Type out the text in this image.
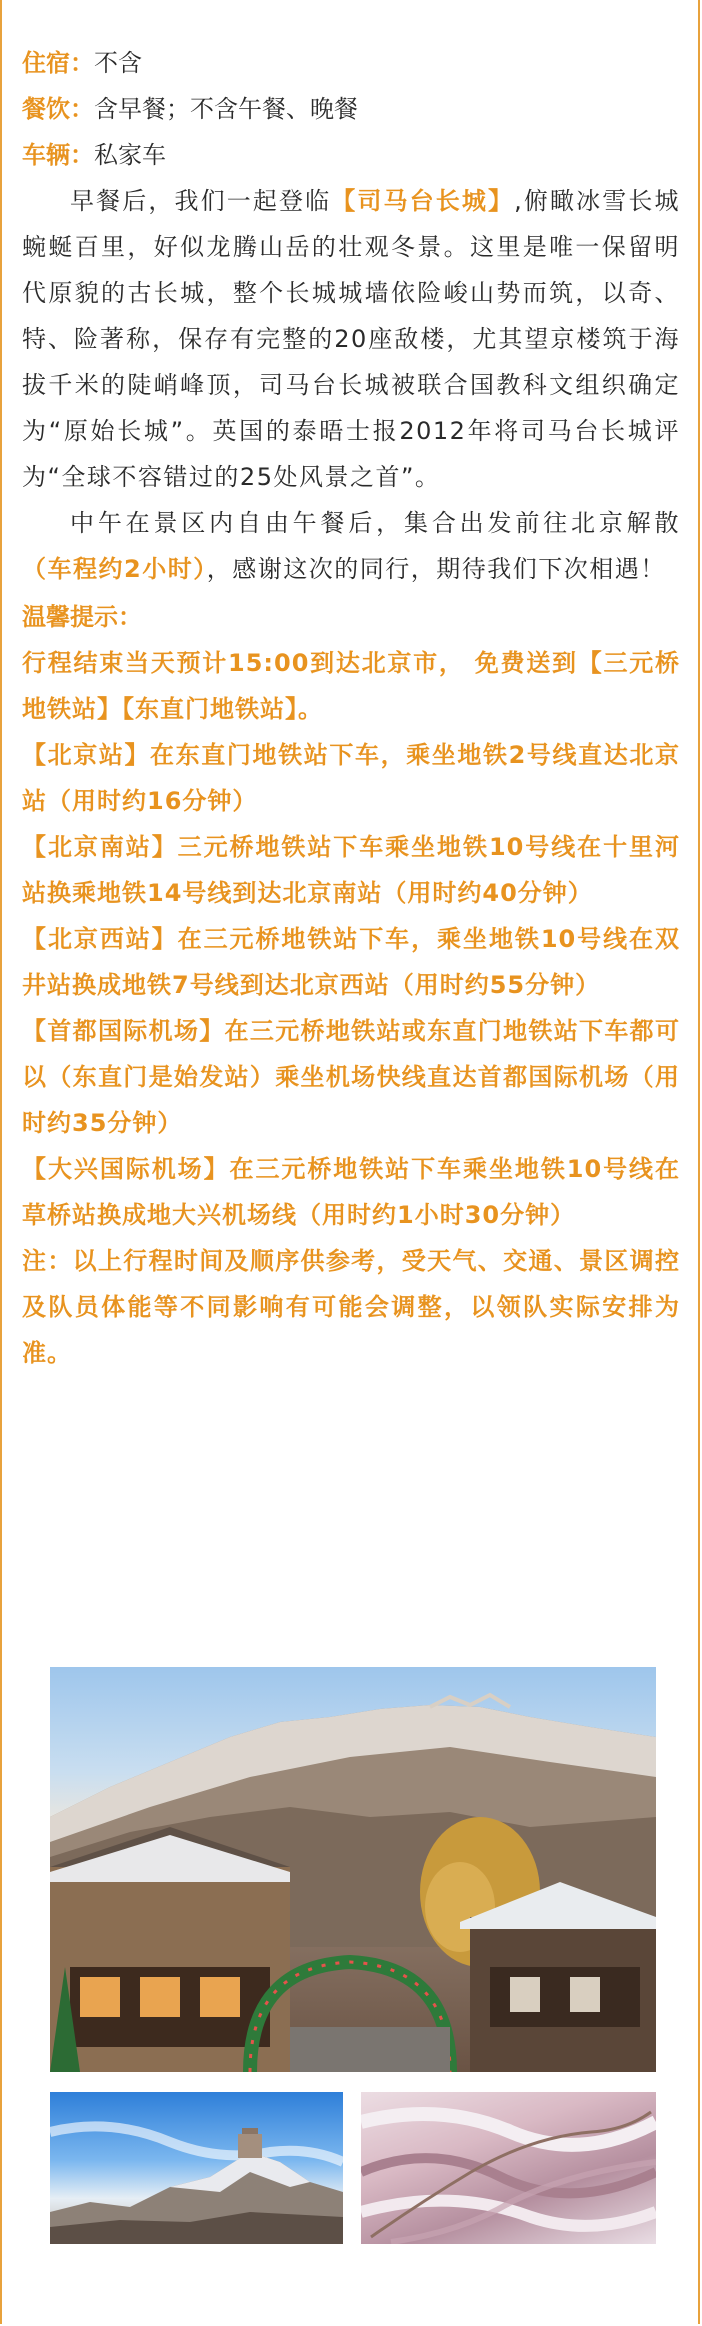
住宿：不含
餐饮：含早餐；不含午餐、晚餐
车辆：私家车

早餐后，我们一起登临【司马台长城】,俯瞰冰雪长城蜿蜒百里，好似龙腾山岳的壮观冬景。这里是唯一保留明代原貌的古长城，整个长城城墙依险峻山势而筑，以奇、特、险著称，保存有完整的20座敌楼，尤其望京楼筑于海拔千米的陡峭峰顶，司马台长城被联合国教科文组织确定为“原始长城”。英国的泰晤士报2012年将司马台长城评为“全球不容错过的25处风景之首”。

中午在景区内自由午餐后，集合出发前往北京解散（车程约2小时），感谢这次的同行，期待我们下次相遇！

温馨提示：

行程结束当天预计15:00到达北京市， 免费送到【三元桥地铁站】【东直门地铁站】。

【北京站】在东直门地铁站下车，乘坐地铁2号线直达北京站（用时约16分钟）

【北京南站】三元桥地铁站下车乘坐地铁10号线在十里河站换乘地铁14号线到达北京南站（用时约40分钟）

【北京西站】在三元桥地铁站下车，乘坐地铁10号线在双井站换成地铁7号线到达北京西站（用时约55分钟）

【首都国际机场】在三元桥地铁站或东直门地铁站下车都可以（东直门是始发站）乘坐机场快线直达首都国际机场（用时约35分钟）

【大兴国际机场】在三元桥地铁站下车乘坐地铁10号线在草桥站换成地大兴机场线（用时约1小时30分钟）

注：以上行程时间及顺序供参考，受天气、交通、景区调控及队员体能等不同影响有可能会调整，以领队实际安排为准。
